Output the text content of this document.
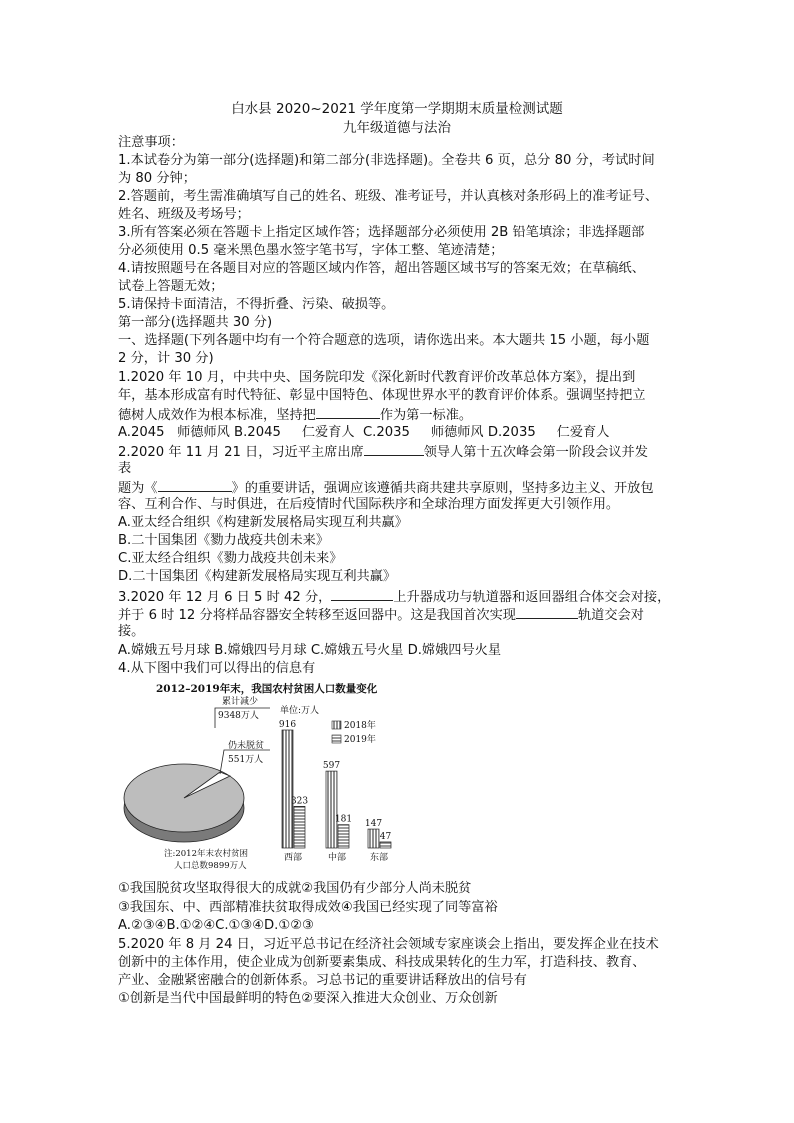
白水县 2020~2021 学年度第一学期期末质量检测试题
九年级道德与法治
注意事项：
1.本试卷分为第一部分(选择题)和第二部分(非选择题)。全卷共 6 页，总分 80 分，考试时间
为 80 分钟；
2.答题前，考生需准确填写自己的姓名、班级、准考证号，并认真核对条形码上的准考证号、
姓名、班级及考场号；
3.所有答案必须在答题卡上指定区域作答；选择题部分必须使用 2B 铅笔填涂；非选择题部
分必须使用 0.5 毫米黑色墨水签字笔书写，字体工整、笔迹清楚；
4.请按照题号在各题目对应的答题区域内作答，超出答题区域书写的答案无效；在草稿纸、
试卷上答题无效；
5.请保持卡面清洁，不得折叠、污染、破损等。
第一部分(选择题共 30 分)
一、选择题(下列各题中均有一个符合题意的选项，请你选出来。本大题共 15 小题，每小题
2 分，计 30 分)
1.2020 年 10 月，中共中央、国务院印发《深化新时代教育评价改革总体方案》，提出到
年，基本形成富有时代特征、彰显中国特色、体现世界水平的教育评价体系。强调坚持把立
德树人成效作为根本标准，坚持把	作为第一标准。
A.2045   师德师风 B.2045     仁爱育人  C.2035     师德师风 D.2035     仁爱育人
2.2020 年 11 月 21 日，习近平主席出席	领导人第十五次峰会第一阶段会议并发
表
题为《	》的重要讲话，强调应该遵循共商共建共享原则，坚持多边主义、开放包
容、互利合作、与时俱进，在后疫情时代国际秩序和全球治理方面发挥更大引领作用。
A.亚太经合组织《构建新发展格局实现互利共赢》
B.二十国集团《勠力战疫共创未来》
C.亚太经合组织《勠力战疫共创未来》
D.二十国集团《构建新发展格局实现互利共赢》
3.2020 年 12 月 6 日 5 时 42 分，	上升器成功与轨道器和返回器组合体交会对接，
并于 6 时 12 分将样品容器安全转移至返回器中。这是我国首次实现	轨道交会对
接。
A.嫦娥五号月球 B.嫦娥四号月球 C.嫦娥五号火星 D.嫦娥四号火星
4.从下图中我们可以得出的信息有
2012–2019年末，我国农村贫困人口数量变化
累计减少
9348万人
仍未脱贫
551万人
注:2012年末农村贫困
人口总数9899万人
单位:万人
2018年
2019年
916
323
西部
597
181
中部
147
47
东部
①我国脱贫攻坚取得很大的成就②我国仍有少部分人尚未脱贫
③我国东、中、西部精准扶贫取得成效④我国已经实现了同等富裕
A.②③④B.①②④C.①③④D.①②③
5.2020 年 8 月 24 日，习近平总书记在经济社会领域专家座谈会上指出，要发挥企业在技术
创新中的主体作用，使企业成为创新要素集成、科技成果转化的生力军，打造科技、教育、
产业、金融紧密融合的创新体系。习总书记的重要讲话释放出的信号有
①创新是当代中国最鲜明的特色②要深入推进大众创业、万众创新
